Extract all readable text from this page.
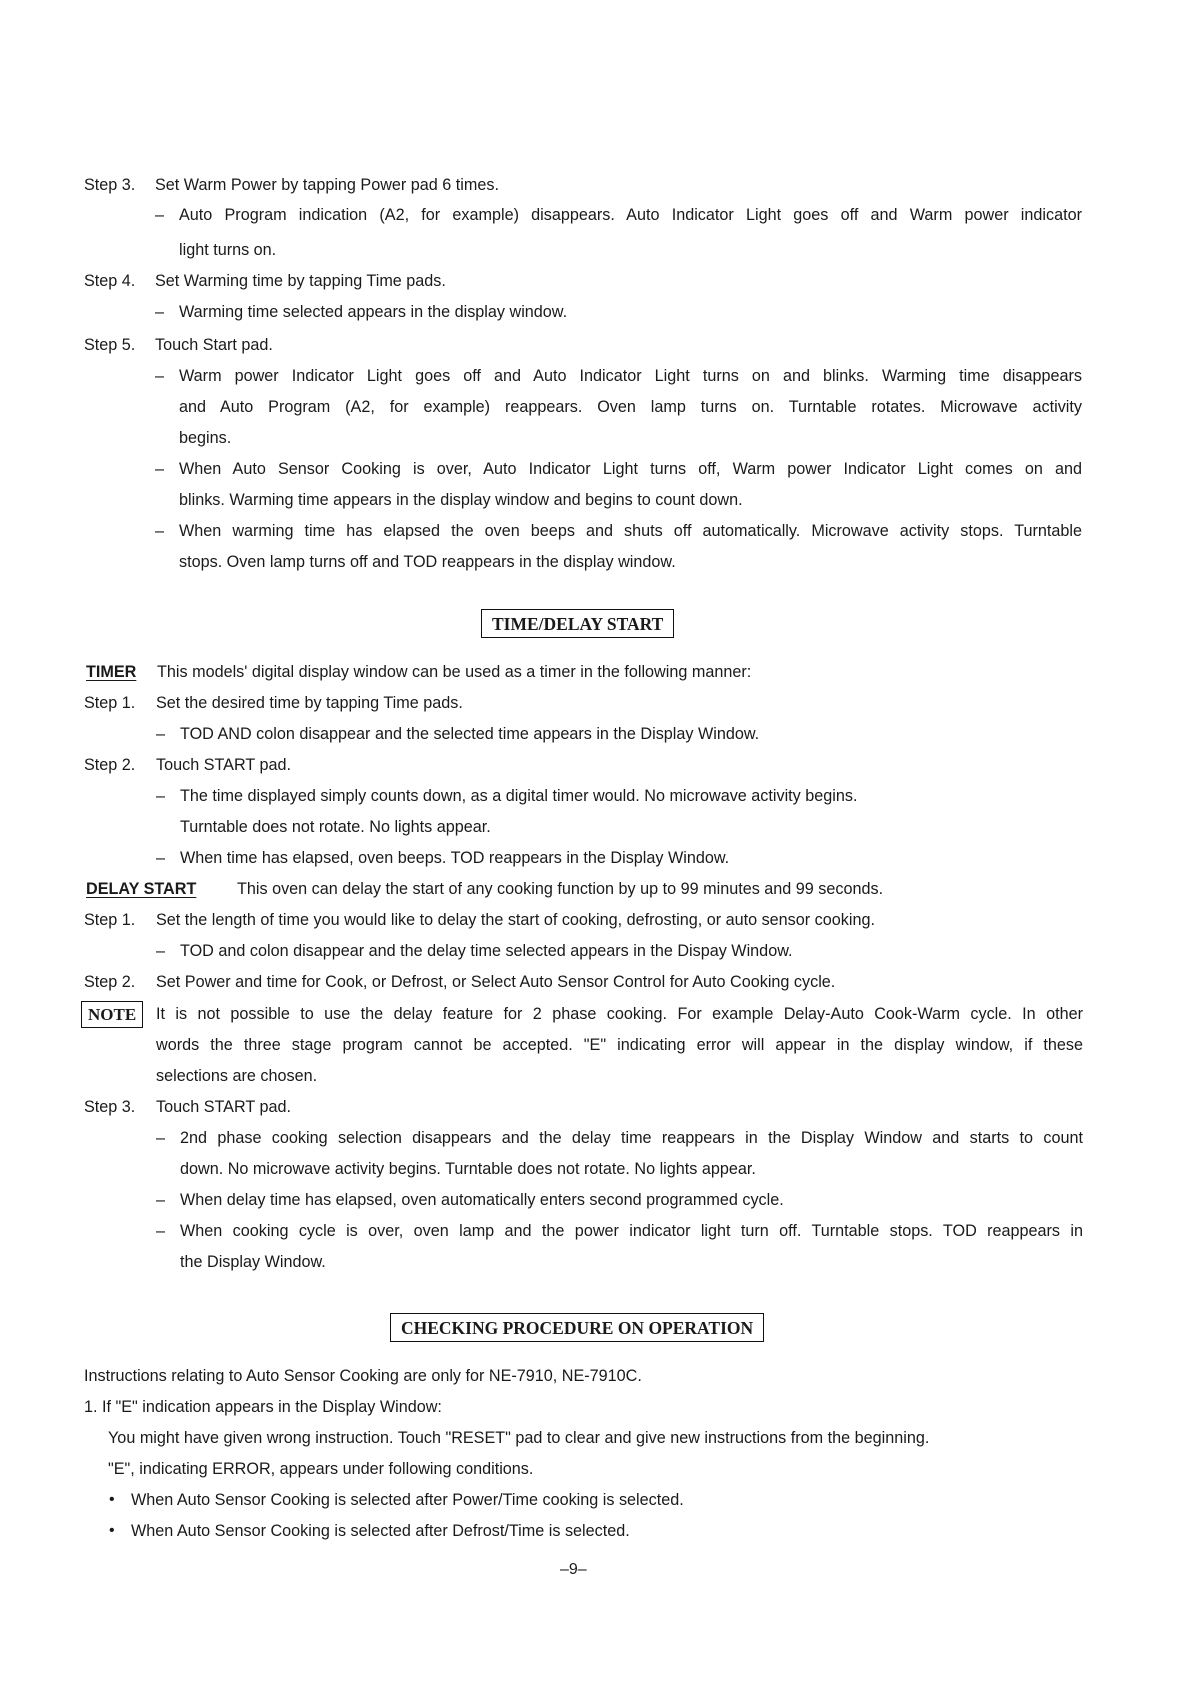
Step 3. Set Warm Power by tapping Power pad 6 times.
– Auto Program indication (A2, for example) disappears. Auto Indicator Light goes off and Warm power indicator
light turns on.
Step 4. Set Warming time by tapping Time pads.
– Warming time selected appears in the display window.
Step 5. Touch Start pad.
– Warm power Indicator Light goes off and Auto Indicator Light turns on and blinks. Warming time disappears
and Auto Program (A2, for example) reappears. Oven lamp turns on. Turntable rotates. Microwave activity
begins.
– When Auto Sensor Cooking is over, Auto Indicator Light turns off, Warm power Indicator Light comes on and
blinks. Warming time appears in the display window and begins to count down.
– When warming time has elapsed the oven beeps and shuts off automatically. Microwave activity stops. Turntable
stops. Oven lamp turns off and TOD reappears in the display window.
TIME/DELAY START
TIMER This models' digital display window can be used as a timer in the following manner:
Step 1. Set the desired time by tapping Time pads.
– TOD AND colon disappear and the selected time appears in the Display Window.
Step 2. Touch START pad.
– The time displayed simply counts down, as a digital timer would. No microwave activity begins.
Turntable does not rotate. No lights appear.
– When time has elapsed, oven beeps. TOD reappears in the Display Window.
DELAY START	This oven can delay the start of any cooking function by up to 99 minutes and 99 seconds.
Step 1. Set the length of time you would like to delay the start of cooking, defrosting, or auto sensor cooking.
– TOD and colon disappear and the delay time selected appears in the Dispay Window.
Step 2. Set Power and time for Cook, or Defrost, or Select Auto Sensor Control for Auto Cooking cycle.
NOTE	It is not possible to use the delay feature for 2 phase cooking. For example Delay-Auto Cook-Warm cycle. In other
words the three stage program cannot be accepted. "E" indicating error will appear in the display window, if these
selections are chosen.
Step 3. Touch START pad.
– 2nd phase cooking selection disappears and the delay time reappears in the Display Window and starts to count
down. No microwave activity begins. Turntable does not rotate. No lights appear.
– When delay time has elapsed, oven automatically enters second programmed cycle.
– When cooking cycle is over, oven lamp and the power indicator light turn off. Turntable stops. TOD reappears in
the Display Window.
CHECKING PROCEDURE ON OPERATION
Instructions relating to Auto Sensor Cooking are only for NE-7910, NE-7910C.
1. If "E" indication appears in the Display Window:
You might have given wrong instruction. Touch "RESET" pad to clear and give new instructions from the beginning.
"E", indicating ERROR, appears under following conditions.
• When Auto Sensor Cooking is selected after Power/Time cooking is selected.
• When Auto Sensor Cooking is selected after Defrost/Time is selected.
–9–
